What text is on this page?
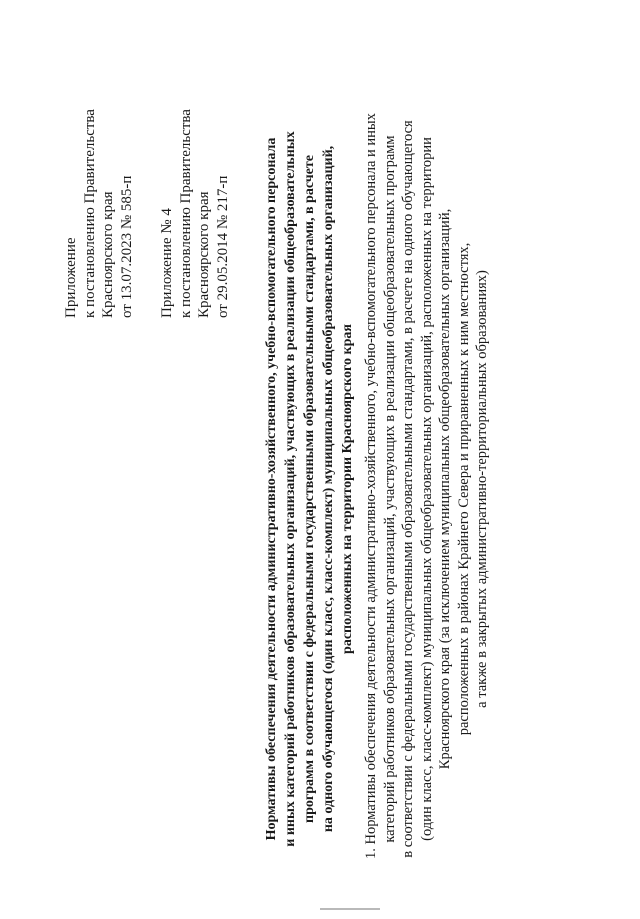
Приложение к постановлению Правительства Красноярского края от 13.07.2023 № 585-п Приложение № 4 к постановлению Правительства Красноярского края от 29.05.2014 № 217-п Нормативы обеспечения деятельности административно-хозяйственного, учебно-вспомогательного персонала и иных категорий работников образовательных организаций, участвующих в реализации общеобразовательных программ в соответствии с федеральными государственными образовательными стандартами, в расчете на одного обучающегося (один класс, класс-комплект) муниципальных общеобразовательных организаций, расположенных на территории Красноярского края 1. Нормативы обеспечения деятельности административно-хозяйственного, учебно-вспомогательного персонала и иных категорий работников образовательных организаций, участвующих в реализации общеобразовательных программ в соответствии с федеральными государственными образовательными стандартами, в расчете на одного обучающегося (один класс, класс-комплект) муниципальных общеобразовательных организаций, расположенных на территории Красноярского края (за исключением муниципальных общеобразовательных организаций, расположенных в районах Крайнего Севера и приравненных к ним местностях, а также в закрытых административно-территориальных образованиях)
